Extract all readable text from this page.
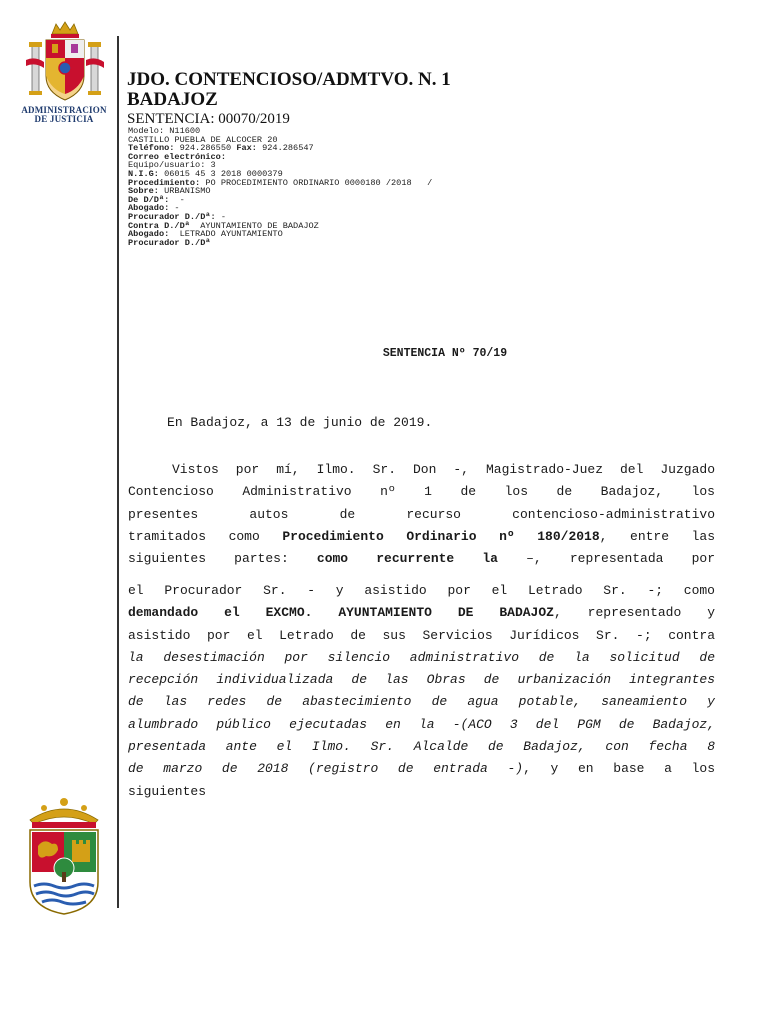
ADMINISTRACION
DE JUSTICIA
JDO. CONTENCIOSO/ADMTVO. N. 1
BADAJOZ
SENTENCIA: 00070/2019
Modelo: N11600
CASTILLO PUEBLA DE ALCOCER 20
Teléfono: 924.286550 Fax: 924.286547
Correo electrónico:
Equipo/usuario: 3
N.I.G: 06015 45 3 2018 0000379
Procedimiento: PO PROCEDIMIENTO ORDINARIO 0000180 /2018   /
Sobre: URBANISMO
De D/Dª:  -
Abogado: -
Procurador D./Dª: -
Contra D./Dª  AYUNTAMIENTO DE BADAJOZ
Abogado:  LETRADO AYUNTAMIENTO
Procurador D./Dª
SENTENCIA Nº 70/19
En Badajoz, a 13 de junio de 2019.
Vistos por mí, Ilmo. Sr. Don -, Magistrado-Juez del Juzgado
Contencioso Administrativo nº 1 de los de Badajoz, los
presentes autos de recurso contencioso-administrativo
tramitados como Procedimiento Ordinario nº 180/2018, entre las
siguientes partes: como recurrente la –, representada por
el Procurador Sr. - y asistido por el Letrado Sr. -; como
demandado el EXCMO. AYUNTAMIENTO DE BADAJOZ, representado y
asistido por el Letrado de sus Servicios Jurídicos Sr. -; contra
la desestimación por silencio administrativo de la solicitud de
recepción individualizada de las Obras de urbanización integrantes
de las redes de abastecimiento de agua potable, saneamiento y
alumbrado público ejecutadas en la -(ACO 3 del PGM de Badajoz,
presentada ante el Ilmo. Sr. Alcalde de Badajoz, con fecha 8
de marzo de 2018 (registro de entrada -), y en base a los
siguientes
